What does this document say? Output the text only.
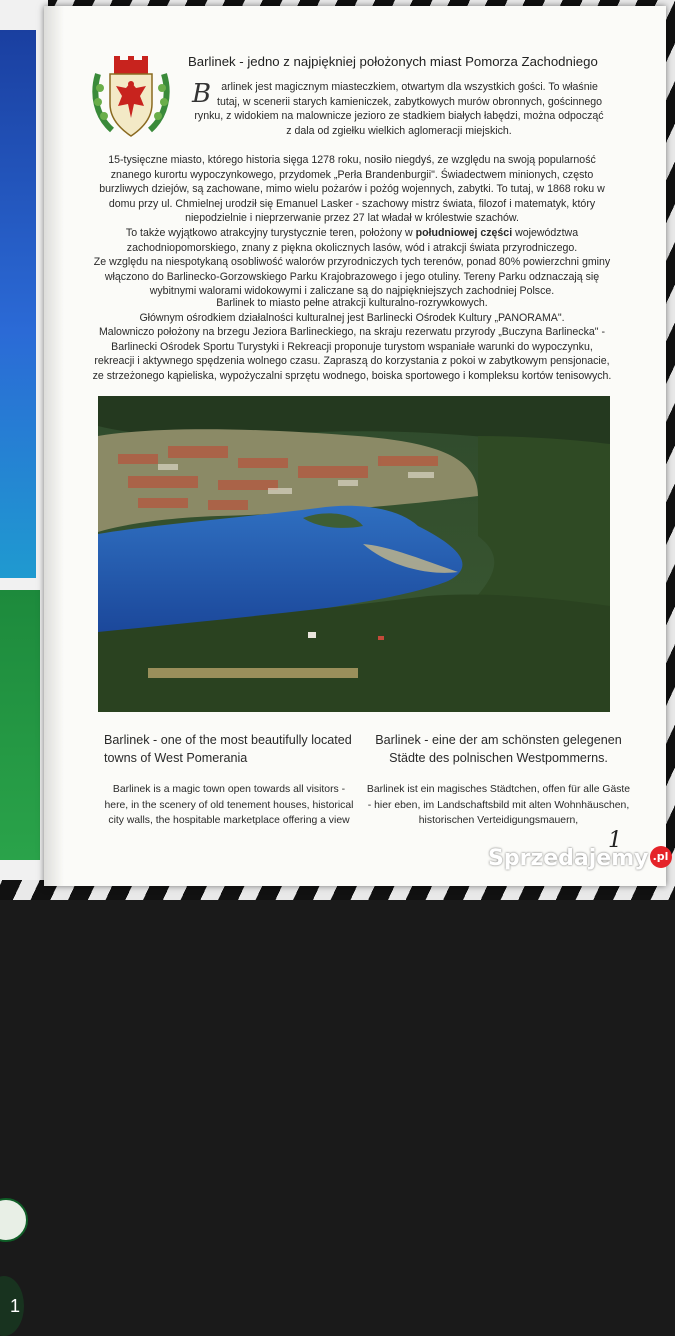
1
Barlinek - jedno z najpiękniej położonych miast Pomorza Zachodniego
Barlinek jest magicznym miasteczkiem, otwartym dla wszystkich gości. To właśnie tutaj, w scenerii starych kamieniczek, zabytkowych murów obronnych, gościnnego rynku, z widokiem na malownicze jezioro ze stadkiem białych łabędzi, można odpocząć z dala od zgiełku wielkich aglomeracji miejskich.
15-tysięczne miasto, którego historia sięga 1278 roku, nosiło niegdyś, ze względu na swoją popularność znanego kurortu wypoczynkowego, przydomek „Perła Brandenburgii". Świadectwem minionych, często burzliwych dziejów, są zachowane, mimo wielu pożarów i pożóg wojennych, zabytki. To tutaj, w 1868 roku w domu przy ul. Chmielnej urodził się Emanuel Lasker - szachowy mistrz świata, filozof i matematyk, który niepodzielnie i nieprzerwanie przez 27 lat władał w królestwie szachów.
To także wyjątkowo atrakcyjny turystycznie teren, położony w południowej części województwa zachodniopomorskiego, znany z piękna okolicznych lasów, wód i atrakcji świata przyrodniczego.
Ze względu na niespotykaną osobliwość walorów przyrodniczych tych terenów, ponad 80% powierzchni gminy włączono do Barlinecko-Gorzowskiego Parku Krajobrazowego i jego otuliny. Tereny Parku odznaczają się wybitnymi walorami widokowymi i zaliczane są do najpiękniejszych zachodniej Polsce.
Barlinek to miasto pełne atrakcji kulturalno-rozrywkowych.
Głównym ośrodkiem działalności kulturalnej jest Barlinecki Ośrodek Kultury „PANORAMA".
Malowniczo położony na brzegu Jeziora Barlineckiego, na skraju rezerwatu przyrody „Buczyna Barlinecka" - Barlinecki Ośrodek Sportu Turystyki i Rekreacji proponuje turystom wspaniałe warunki do wypoczynku, rekreacji i aktywnego spędzenia wolnego czasu. Zapraszą do korzystania z pokoi w zabytkowym pensjonacie, ze strzeżonego kąpieliska, wypożyczalni sprzętu wodnego, boiska sportowego i kompleksu kortów tenisowych.
Barlinek - one of the most beautifully located towns of West Pomerania
Barlinek - eine der am schönsten gelegenen Städte des polnischen Westpommerns.
Barlinek is a magic town open towards all visitors -here, in the scenery of old tenement houses, historical city walls, the hospitable marketplace offering a view
Barlinek ist ein magisches Städtchen, offen für alle Gäste - hier eben, im Landschaftsbild mit alten Wohnhäuschen, historischen Verteidigungsmauern,
1
Sprzedajemy .pl
